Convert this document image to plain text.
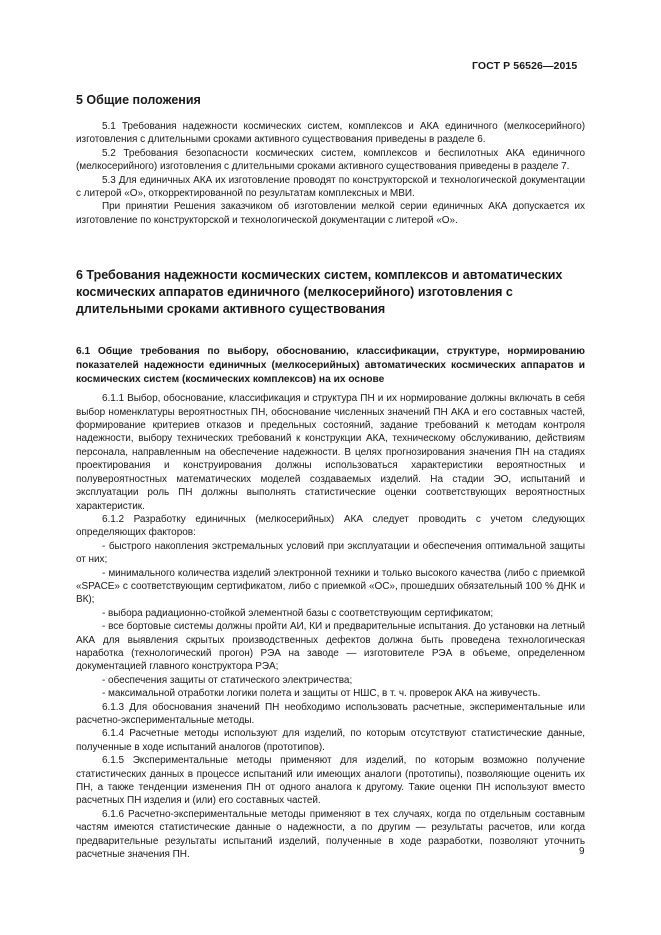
ГОСТ Р 56526—2015
5 Общие положения

5.1 Требования надежности космических систем, комплексов и АКА единичного (мелкосерийного) изготовления с длительными сроками активного существования приведены в разделе 6.

5.2 Требования безопасности космических систем, комплексов и беспилотных АКА единичного (мелкосерийного) изготовления с длительными сроками активного существования приведены в разделе 7.

5.3 Для единичных АКА их изготовление проводят по конструкторской и технологической документации с литерой «О», откорректированной по результатам комплексных и МВИ.

При принятии Решения заказчиком об изготовлении мелкой серии единичных АКА допускается их изготовление по конструкторской и технологической документации с литерой «О».

6 Требования надежности космических систем, комплексов и автоматических космических аппаратов единичного (мелкосерийного) изготовления с длительными сроками активного существования
6.1 Общие требования по выбору, обоснованию, классификации, структуре, нормированию показателей надежности единичных (мелкосерийных) автоматических космических аппаратов и космических систем (космических комплексов) на их основе

6.1.1 Выбор, обоснование, классификация и структура ПН и их нормирование должны включать в себя выбор номенклатуры вероятностных ПН, обоснование численных значений ПН АКА и его составных частей, формирование критериев отказов и предельных состояний, задание требований к методам контроля надежности, выбору технических требований к конструкции АКА, техническому обслуживанию, действиям персонала, направленным на обеспечение надежности. В целях прогнозирования значения ПН на стадиях проектирования и конструирования должны использоваться характеристики вероятностных и полувероятностных математических моделей создаваемых изделий. На стадии ЭО, испытаний и эксплуатации роль ПН должны выполнять статистические оценки соответствующих вероятностных характеристик.

6.1.2 Разработку единичных (мелкосерийных) АКА следует проводить с учетом следующих определяющих факторов:

- быстрого накопления экстремальных условий при эксплуатации и обеспечения оптимальной защиты от них;

- минимального количества изделий электронной техники и только высокого качества (либо с приемкой «SPACE» с соответствующим сертификатом, либо с приемкой «ОС», прошедших обязательный 100 % ДНК и ВК);

- выбора радиационно-стойкой элементной базы с соответствующим сертификатом;

- все бортовые системы должны пройти АИ, КИ и предварительные испытания. До установки на летный АКА для выявления скрытых производственных дефектов должна быть проведена технологическая наработка (технологический прогон) РЭА на заводе — изготовителе РЭА в объеме, определенном документацией главного конструктора РЭА;

- обеспечения защиты от статического электричества;

- максимальной отработки логики полета и защиты от НШС, в т. ч. проверок АКА на живучесть.

6.1.3 Для обоснования значений ПН необходимо использовать расчетные, экспериментальные или расчетно-экспериментальные методы.

6.1.4 Расчетные методы используют для изделий, по которым отсутствуют статистические данные, полученные в ходе испытаний аналогов (прототипов).

6.1.5 Экспериментальные методы применяют для изделий, по которым возможно получение статистических данных в процессе испытаний или имеющих аналоги (прототипы), позволяющие оценить их ПН, а также тенденции изменения ПН от одного аналога к другому. Такие оценки ПН используют вместо расчетных ПН изделия и (или) его составных частей.

6.1.6 Расчетно-экспериментальные методы применяют в тех случаях, когда по отдельным составным частям имеются статистические данные о надежности, а по другим — результаты расчетов, или когда предварительные результаты испытаний изделий, полученные в ходе разработки, позволяют уточнить расчетные значения ПН.	9
